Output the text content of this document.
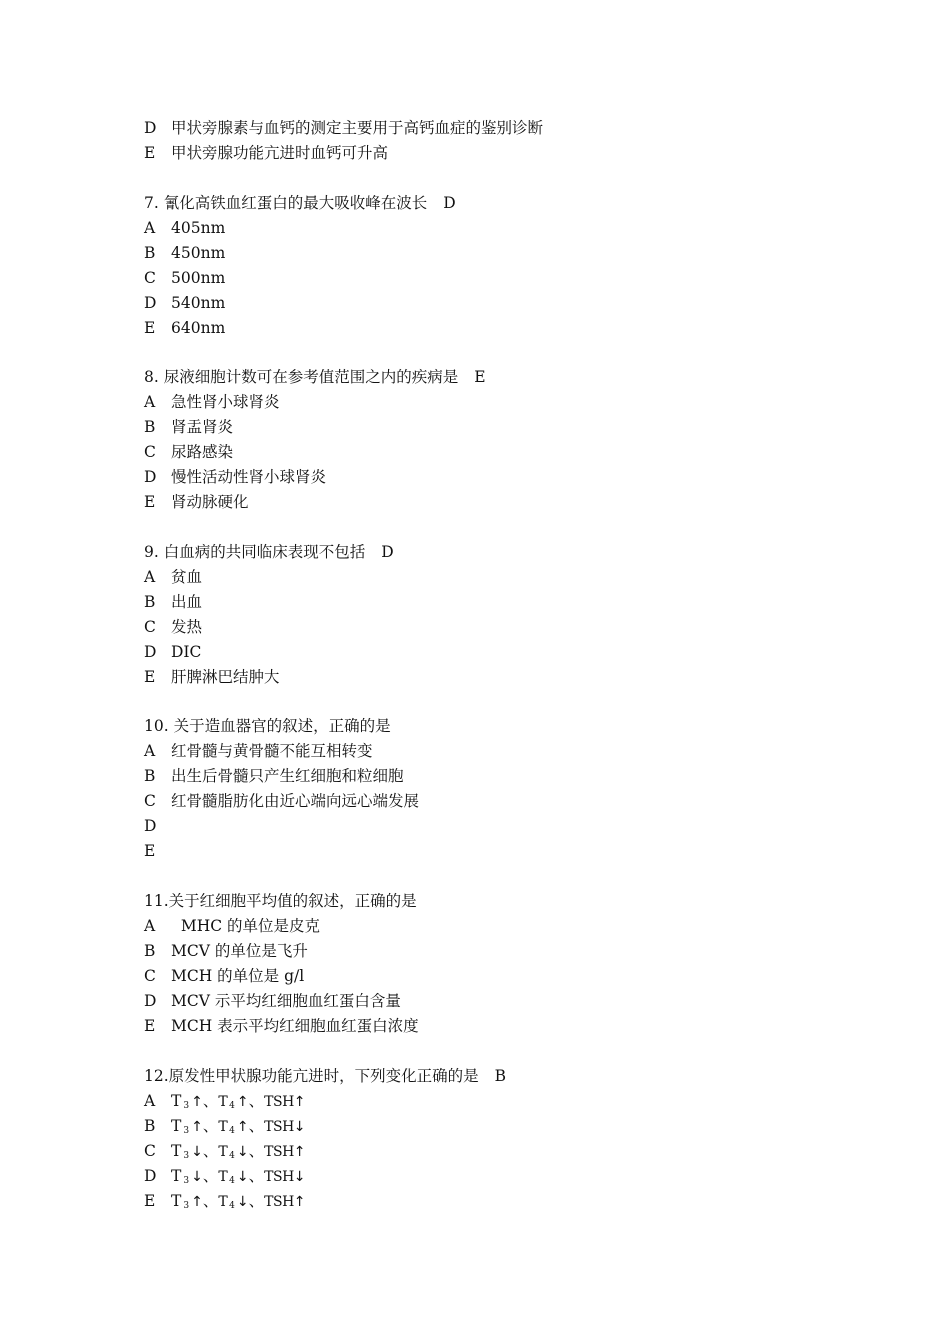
D 甲状旁腺素与血钙的测定主要用于高钙血症的鉴别诊断
E 甲状旁腺功能亢进时血钙可升高
7. 氰化高铁血红蛋白的最大吸收峰在波长 D
A 405nm
B 450nm
C 500nm
D 540nm
E 640nm
8. 尿液细胞计数可在参考值范围之内的疾病是 E
A 急性肾小球肾炎
B 肾盂肾炎
C 尿路感染
D 慢性活动性肾小球肾炎
E 肾动脉硬化
9. 白血病的共同临床表现不包括 D
A 贫血
B 出血
C 发热
D DIC
E 肝脾淋巴结肿大
10. 关于造血器官的叙述，正确的是
A 红骨髓与黄骨髓不能互相转变
B 出生后骨髓只产生红细胞和粒细胞
C 红骨髓脂肪化由近心端向远心端发展
D
E
11.关于红细胞平均值的叙述，正确的是
A  MHC 的单位是皮克
B MCV 的单位是飞升
C MCH 的单位是 g/l
D MCV 示平均红细胞血红蛋白含量
E MCH 表示平均红细胞血红蛋白浓度
12.原发性甲状腺功能亢进时，下列变化正确的是 B
A T $_3$ ↑、T $_4$ ↑、TSH↑
B T $_3$ ↑、T $_4$ ↑、TSH↓
C T $_3$ ↓、T $_4$ ↓、TSH↑
D T $_3$ ↓、T $_4$ ↓、TSH↓
E T $_3$ ↑、T $_4$ ↓、TSH↑
